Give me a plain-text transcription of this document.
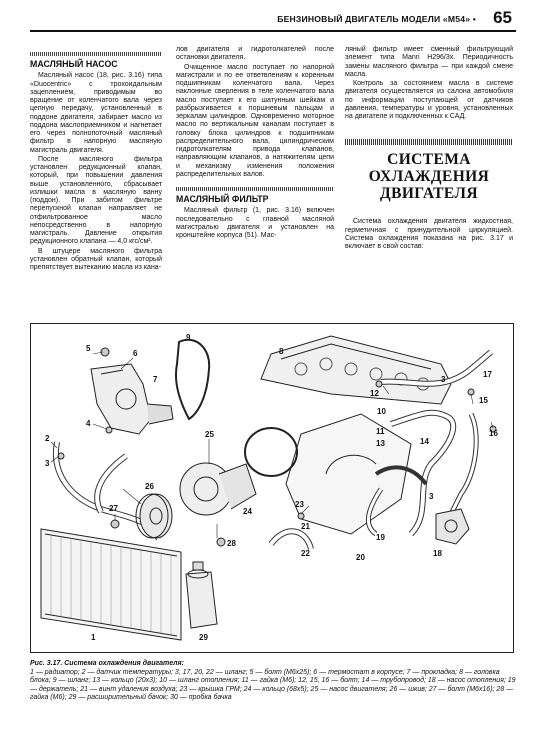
БЕНЗИНОВЫЙ ДВИГАТЕЛЬ МОДЕЛИ «М54» • 65
МАСЛЯНЫЙ НАСОС

Масляный насос (18, рис. 3.16) типа «Duocentric» с трохоидальным зацеплением, приводимым во вращение от коленчатого вала через цепную передачу, установленный в поддоне двигателя, забирает масло из поддона маслоприемником и нагнетает его через полнопоточный масляный фильтр в напорную масляную магистраль двигателя.

После масляного фильтра установлен редукционный клапан, который, при повышении давления выше установленного, сбрасывает излишки масла в масляную ванну (поддон). При забитом фильтре перепускной клапан направляет не отфильтрованное масло непосредственно в напорную магистраль. Давление открытия редукционного клапана — 4,0 кгс/см².

В штуцере масляного фильтра установлен обратный клапан, который препятствует вытеканию масла из кана-

лов двигателя и гидротолкателей после остановки двигателя.

Очищенное масло поступает по напорной магистрали и по ее ответвлениям к коренным подшипникам коленчатого вала. Через наклонные сверления в теле коленчатого вала масло поступает к его шатунным шейкам и разбрызгивается к поршневым пальцам и зеркалам цилиндров. Одновременно моторное масло по вертикальным каналам поступает в головку блока цилиндров к подшипникам распределительного вала, цилиндрическим гидротолкателям привода клапанов, направляющим клапанов, а натяжителям цепи и механизму изменения положения распределительных валов.

МАСЛЯНЫЙ ФИЛЬТР

Масляный фильтр (1, рис. 3.16) включен последовательно с главной масляной магистралью двигателя и установлен на кронштейне корпуса (51). Мас-

ляный фильтр имеет сменный фильтрующий элемент типа Mann H296/3x. Периодичность замены масляного фильтра — при каждой смене масла.

Контроль за состоянием масла в системе двигателя осуществляется из салона автомобиля по информации поступающей от датчиков давления, температуры и уровня, установленных на двигателе и подключенных к САД.

СИСТЕМА
ОХЛАЖДЕНИЯ
ДВИГАТЕЛЯ

Система охлаждения двигателя жидкостная, герметичная с принудительной циркуляцией. Система охлаждения показана на рис. 3.17 и включает в свой состав:

5
6
4
2
3
26
27
1
25
24
23
21
28
22
29
20
19
3
17
15
16
14
10
11
13
12
7
9
8
18
3
Рис. 3.17. Система охлаждения двигателя:
1 — радиатор; 2 — датчик температуры; 3, 17, 20, 22 — шланг; 5 — болт (М6х25); 6 — термостат в корпусе; 7 — прокладка; 8 — головка блока; 9 — шланг; 13 — кольцо (20х3); 10 — шланг отопления; 11 — гайка (М6); 12, 15, 16 — болт; 14 — трубопровод; 18 — насос отопления; 19 — держатель; 21 — винт удаления воздуха; 23 — крышка ГРМ; 24 — кольцо (68х5); 25 — насос двигателя; 26 — шкив; 27 — болт (М6х16); 28 — гайка (М6); 29 — расширительный бачок; 30 — пробка бачка
